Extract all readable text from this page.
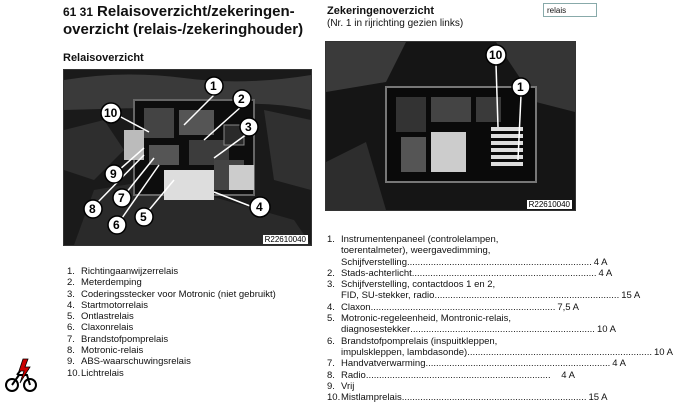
61 31 Relaisoverzicht/zekeringen-
overzicht (relais-/zekeringhouder)
relais
Relaisoverzicht
1
2
3
4
5
6
7
8
9
10
R22610040
1. Richtingaanwijzerrelais
2. Meterdemping
3. Coderingsstecker voor Motronic (niet gebruikt)
4. Startmotorrelais
5. Ontlastrelais
6. Claxonrelais
7. Brandstofpomprelais
8. Motronic-relais
9. ABS-waarschuwingsrelais
10.Lichtrelais
Zekeringenoverzicht
(Nr. 1 in rijrichting gezien links)
10
1
R22610040
1. Instrumentenpaneel (controlelampen,
toerentalmeter), weergavedimming,
Schijfverstelling ...................................................................... 4 A
2. Stads-achterlicht ...................................................................... 4 A
3. Schijfverstelling, contactdoos 1 en 2,
FID, SU-stekker, radio ...................................................................... 15 A
4. Claxon ...................................................................... 7,5 A
5. Motronic-regeleenheid, Montronic-relais,
diagnosestekker ...................................................................... 10 A
6. Brandstofpomprelais (inspuitkleppen,
impulskleppen, lambdasonde) ...................................................................... 10 A
7. Handvatverwarming ...................................................................... 4 A
8. Radio ......................................................................	4 A
9. Vrij
10. Mistlamprelais ...................................................................... 15 A
